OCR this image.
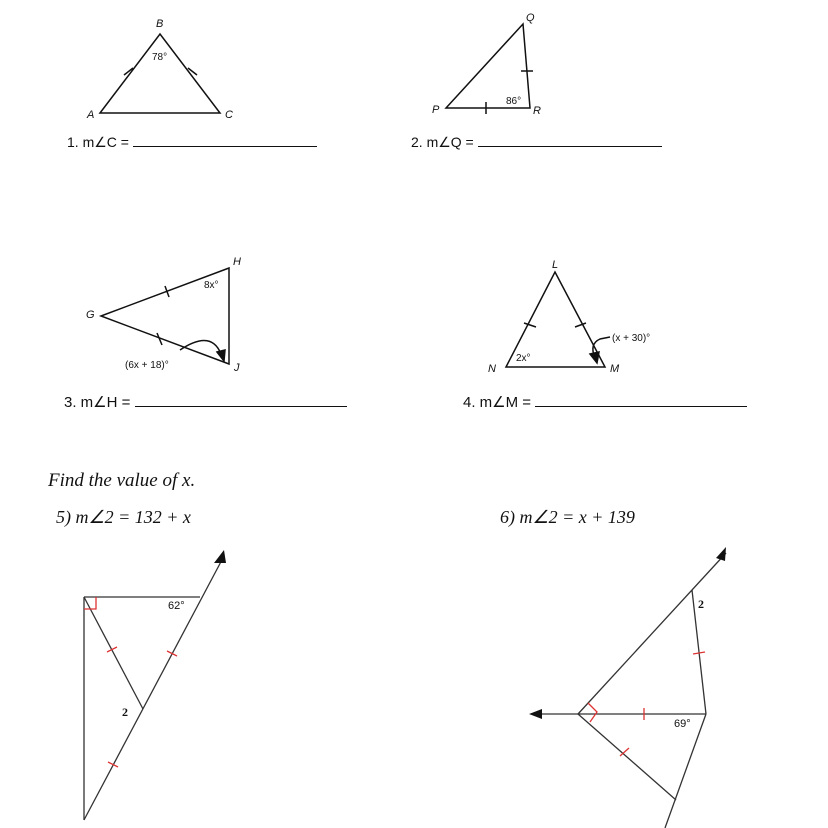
B
A	C
Q
P	R
H
G
J
L
N	M
78°
86°
8x°
(6x + 18)°
2x°
(x + 30)°
62°
2
69°
2
1. m∠C =	2. m∠Q =
3. m∠H =	4. m∠M =
Find the value of x.
5) m∠2 = 132 + x	6) m∠2 = x + 139
